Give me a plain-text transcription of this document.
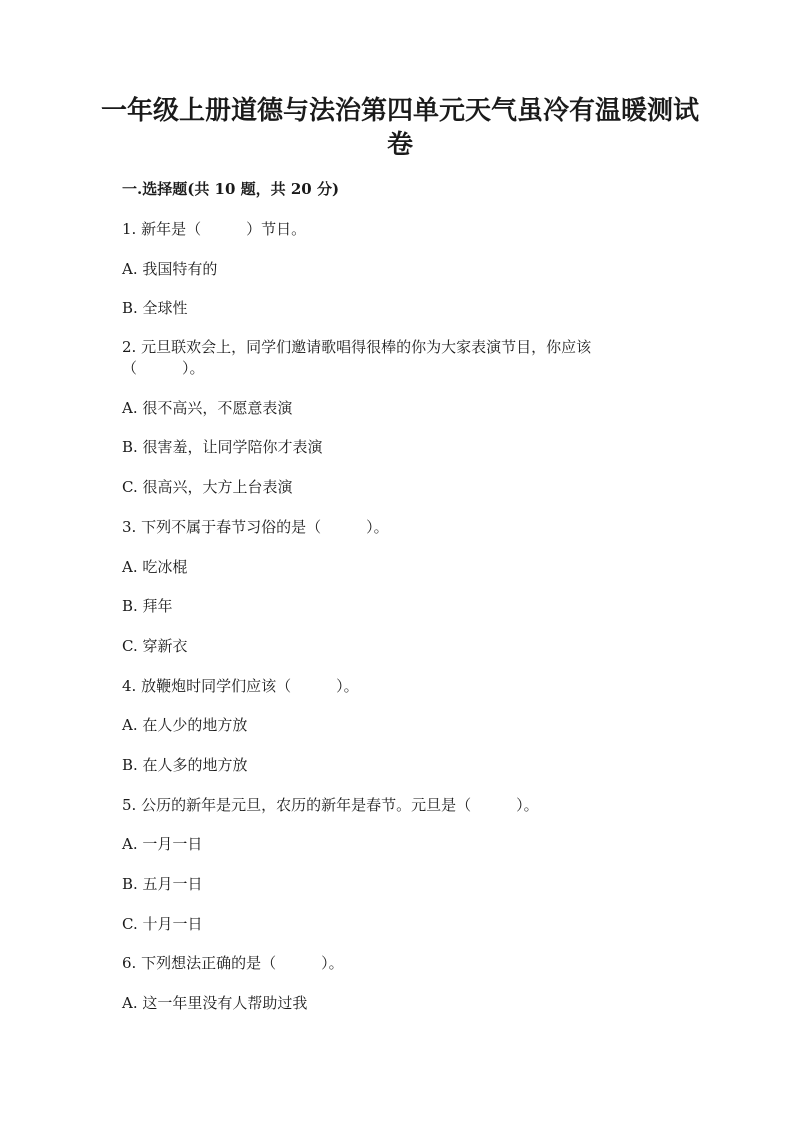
一年级上册道德与法治第四单元天气虽冷有温暖测试卷
一.选择题(共 10 题，共 20 分)

1. 新年是（　　　）节日。

A. 我国特有的

B. 全球性

2. 元旦联欢会上，同学们邀请歌唱得很棒的你为大家表演节目，你应该（　　　）。

A. 很不高兴，不愿意表演

B. 很害羞，让同学陪你才表演

C. 很高兴，大方上台表演

3. 下列不属于春节习俗的是（　　　）。

A. 吃冰棍

B. 拜年

C. 穿新衣

4. 放鞭炮时同学们应该（　　　）。

A. 在人少的地方放

B. 在人多的地方放

5. 公历的新年是元旦，农历的新年是春节。元旦是（　　　）。

A. 一月一日

B. 五月一日

C. 十月一日

6. 下列想法正确的是（　　　）。

A. 这一年里没有人帮助过我
